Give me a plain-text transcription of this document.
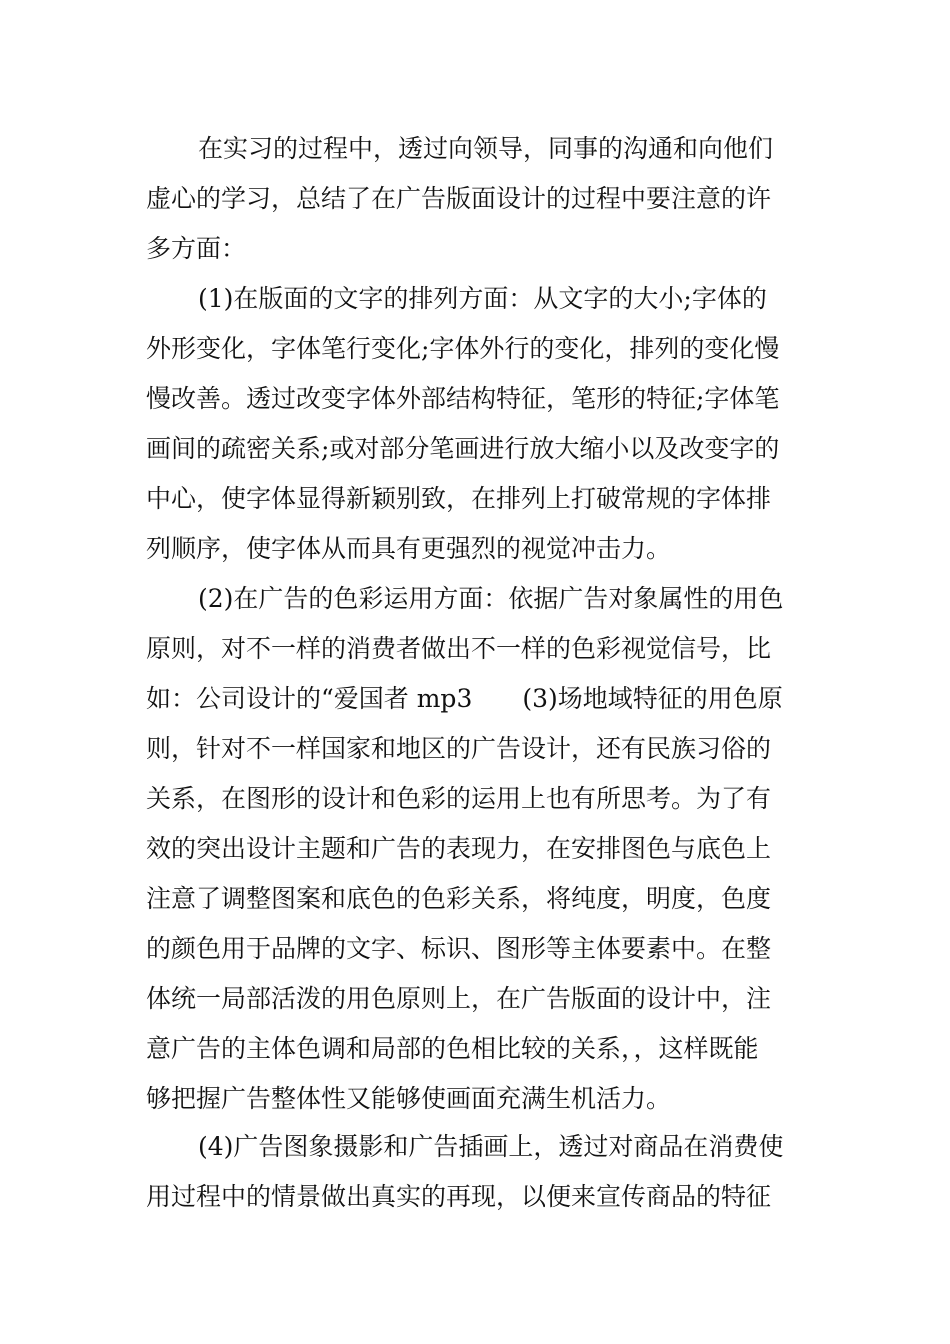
在实习的过程中，透过向领导，同事的沟通和向他们

虚心的学习，总结了在广告版面设计的过程中要注意的许

多方面：

(1)在版面的文字的排列方面：从文字的大小;字体的

外形变化，字体笔行变化;字体外行的变化，排列的变化慢

慢改善。透过改变字体外部结构特征，笔形的特征;字体笔

画间的疏密关系;或对部分笔画进行放大缩小以及改变字的

中心，使字体显得新颖别致，在排列上打破常规的字体排

列顺序，使字体从而具有更强烈的视觉冲击力。

(2)在广告的色彩运用方面：依据广告对象属性的用色

原则，对不一样的消费者做出不一样的色彩视觉信号，比

如：公司设计的“爱国者 mp3　　(3)场地域特征的用色原

则，针对不一样国家和地区的广告设计，还有民族习俗的

关系，在图形的设计和色彩的运用上也有所思考。为了有

效的突出设计主题和广告的表现力，在安排图色与底色上

注意了调整图案和底色的色彩关系，将纯度，明度，色度

的颜色用于品牌的文字、标识、图形等主体要素中。在整

体统一局部活泼的用色原则上，在广告版面的设计中，注

意广告的主体色调和局部的色相比较的关系，，这样既能

够把握广告整体性又能够使画面充满生机活力。

(4)广告图象摄影和广告插画上，透过对商品在消费使

用过程中的情景做出真实的再现，以便来宣传商品的特征
